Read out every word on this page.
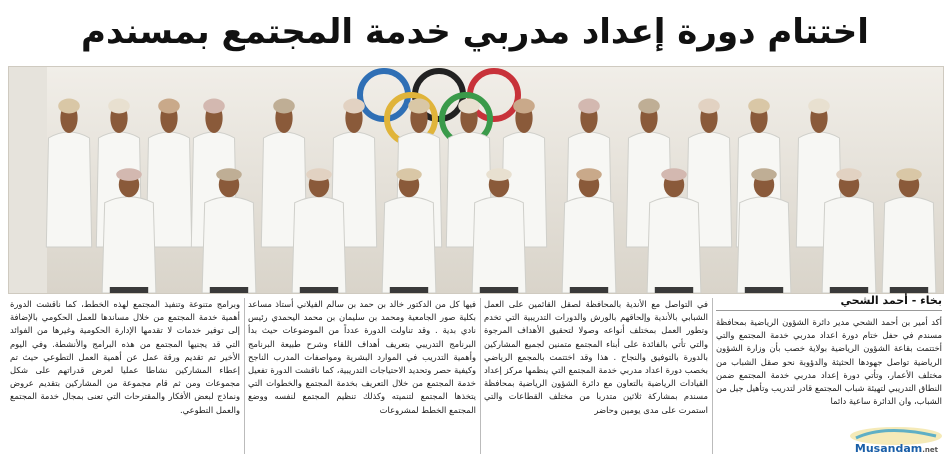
اختتام دورة إعداد مدربي خدمة المجتمع بمسندم
بخاء - أحمد الشحي
أكد أمير بن أحمد الشحي مدير دائرة الشؤون الرياضية بمحافظة مسندم في حفل ختام دورة اعداد مدربي خدمة المجتمع والتي أختتمت بقاعة الشؤون الرياضية بولاية خصب بأن وزارة الشؤون الرياضية تواصل جهودها الحثيثة والدؤوبة نحو صقل الشباب من مختلف الأعمار، وتأتي دورة إعداد مدربي خدمة المجتمع ضمن النطاق التدريبي لتهيئة شباب المجتمع قادر لتدريب وتأهيل جيل من الشباب، وان الدائرة ساعية دائما
في التواصل مع الأندية بالمحافظة لصقل القائمين على العمل الشبابي بالأندية وإلحاقهم بالورش والدورات التدريبية التي تخدم وتطور العمل بمختلف أنواعه وصولا لتحقيق الأهداف المرجوة والتي تأتي بالفائدة على أبناء المجتمع متمنين لجميع المشاركين بالدورة بالتوفيق والنجاح . هذا وقد اختتمت بالمجمع الرياضي بخصب دورة اعداد مدربي خدمة المجتمع التي ينظمها مركز إعداد القيادات الرياضية بالتعاون مع دائرة الشؤون الرياضية بمحافظة مسندم بمشاركة ثلاثين متدربا من مختلف القطاعات والتي استمرت على مدى يومين وحاضر
فيها كل من الدكتور خالد بن حمد بن سالم الفيلاني أستاذ مساعد بكلية صور الجامعية ومحمد بن سليمان بن محمد اليحمدي رئيس نادي بدية . وقد تناولت الدورة عدداً من الموضوعات حيث بدأ البرنامج التدريبي بتعريف أهداف اللقاء وشرح طبيعة البرنامج وأهمية التدريب في الموارد البشرية ومواصفات المدرب الناجح وكيفية حصر وتحديد الاحتياجات التدريبية، كما ناقشت الدورة تفعيل خدمة المجتمع من خلال التعريف بخدمة المجتمع والخطوات التي يتخذها المجتمع لتنميته وكذلك تنظيم المجتمع لنفسه ووضع المجتمع الخطط لمشروعات
وبرامج متنوعة وتنفيذ المجتمع لهذه الخطط، كما ناقشت الدورة أهمية خدمة المجتمع من خلال مساندها للعمل الحكومي بالإضافة إلى توفير خدمات لا تقدمها الإدارة الحكومية وغيرها من الفوائد التي قد يجنيها المجتمع من هذه البرامج والأنشطة. وفي اليوم الأخير تم تقديم ورقة عمل عن أهمية العمل التطوعي حيث تم إعطاء المشاركين نشاطا عمليا لعرض قدراتهم على شكل مجموعات ومن ثم قام مجموعة من المشاركين بتقديم عروض ونماذج لبعض الأفكار والمقترحات التي تعنى بمجال خدمة المجتمع والعمل التطوعي.
Musandam.net
